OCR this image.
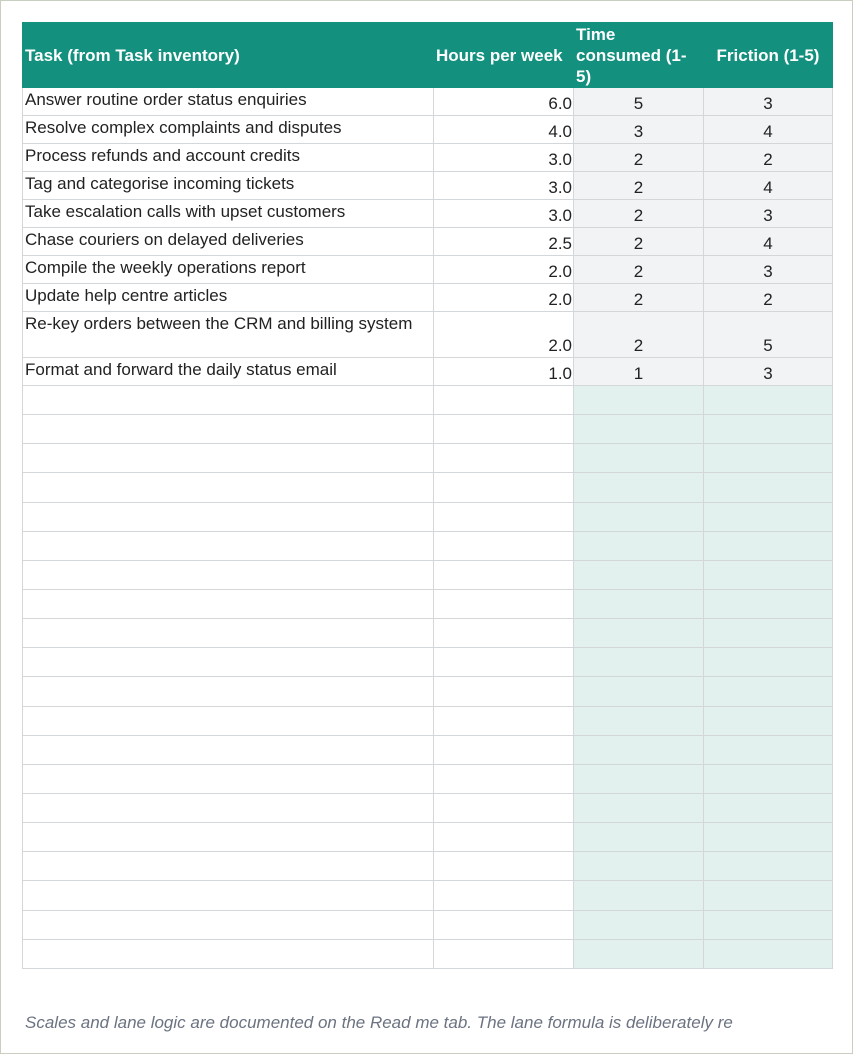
Task (from Task inventory)	Hours per week	Time consumed (1-5)	Friction (1-5)
Answer routine order status enquiries	6.0	5	3
Resolve complex complaints and disputes	4.0	3	4
Process refunds and account credits	3.0	2	2
Tag and categorise incoming tickets	3.0	2	4
Take escalation calls with upset customers	3.0	2	3
Chase couriers on delayed deliveries	2.5	2	4
Compile the weekly operations report	2.0	2	3
Update help centre articles	2.0	2	2
Re-key orders between the CRM and billing system	2.0	2	5
Format and forward the daily status email	1.0	1	3

Scales and lane logic are documented on the Read me tab. The lane formula is deliberately re
